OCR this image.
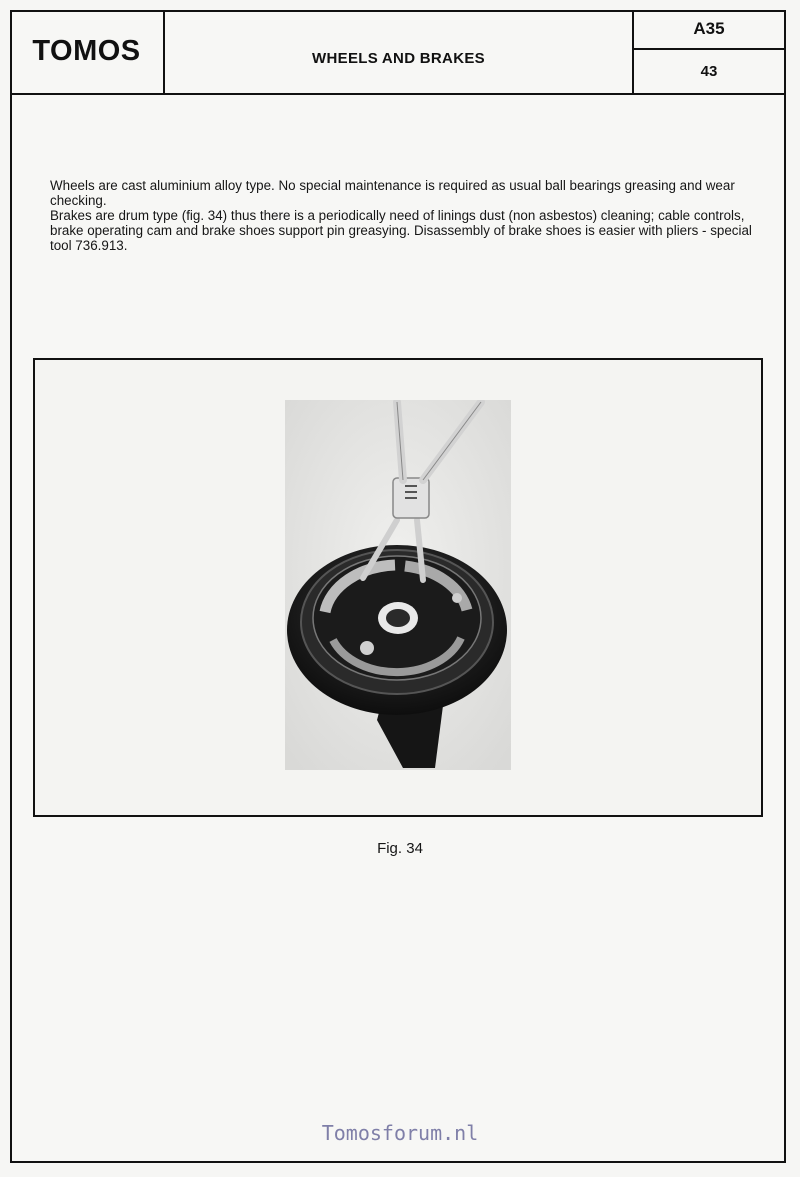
TOMOS	WHEELS AND BRAKES
A35
43

Wheels are cast aluminium alloy type. No special maintenance is required as usual ball bearings greasing and wear checking.

Brakes are drum type (fig. 34) thus there is a periodically need of linings dust (non asbestos) cleaning; cable controls, brake operating cam and brake shoes support pin greasying. Disassembly of brake shoes is easier with pliers - special tool 736.913.

Fig. 34
Tomosforum.nl
